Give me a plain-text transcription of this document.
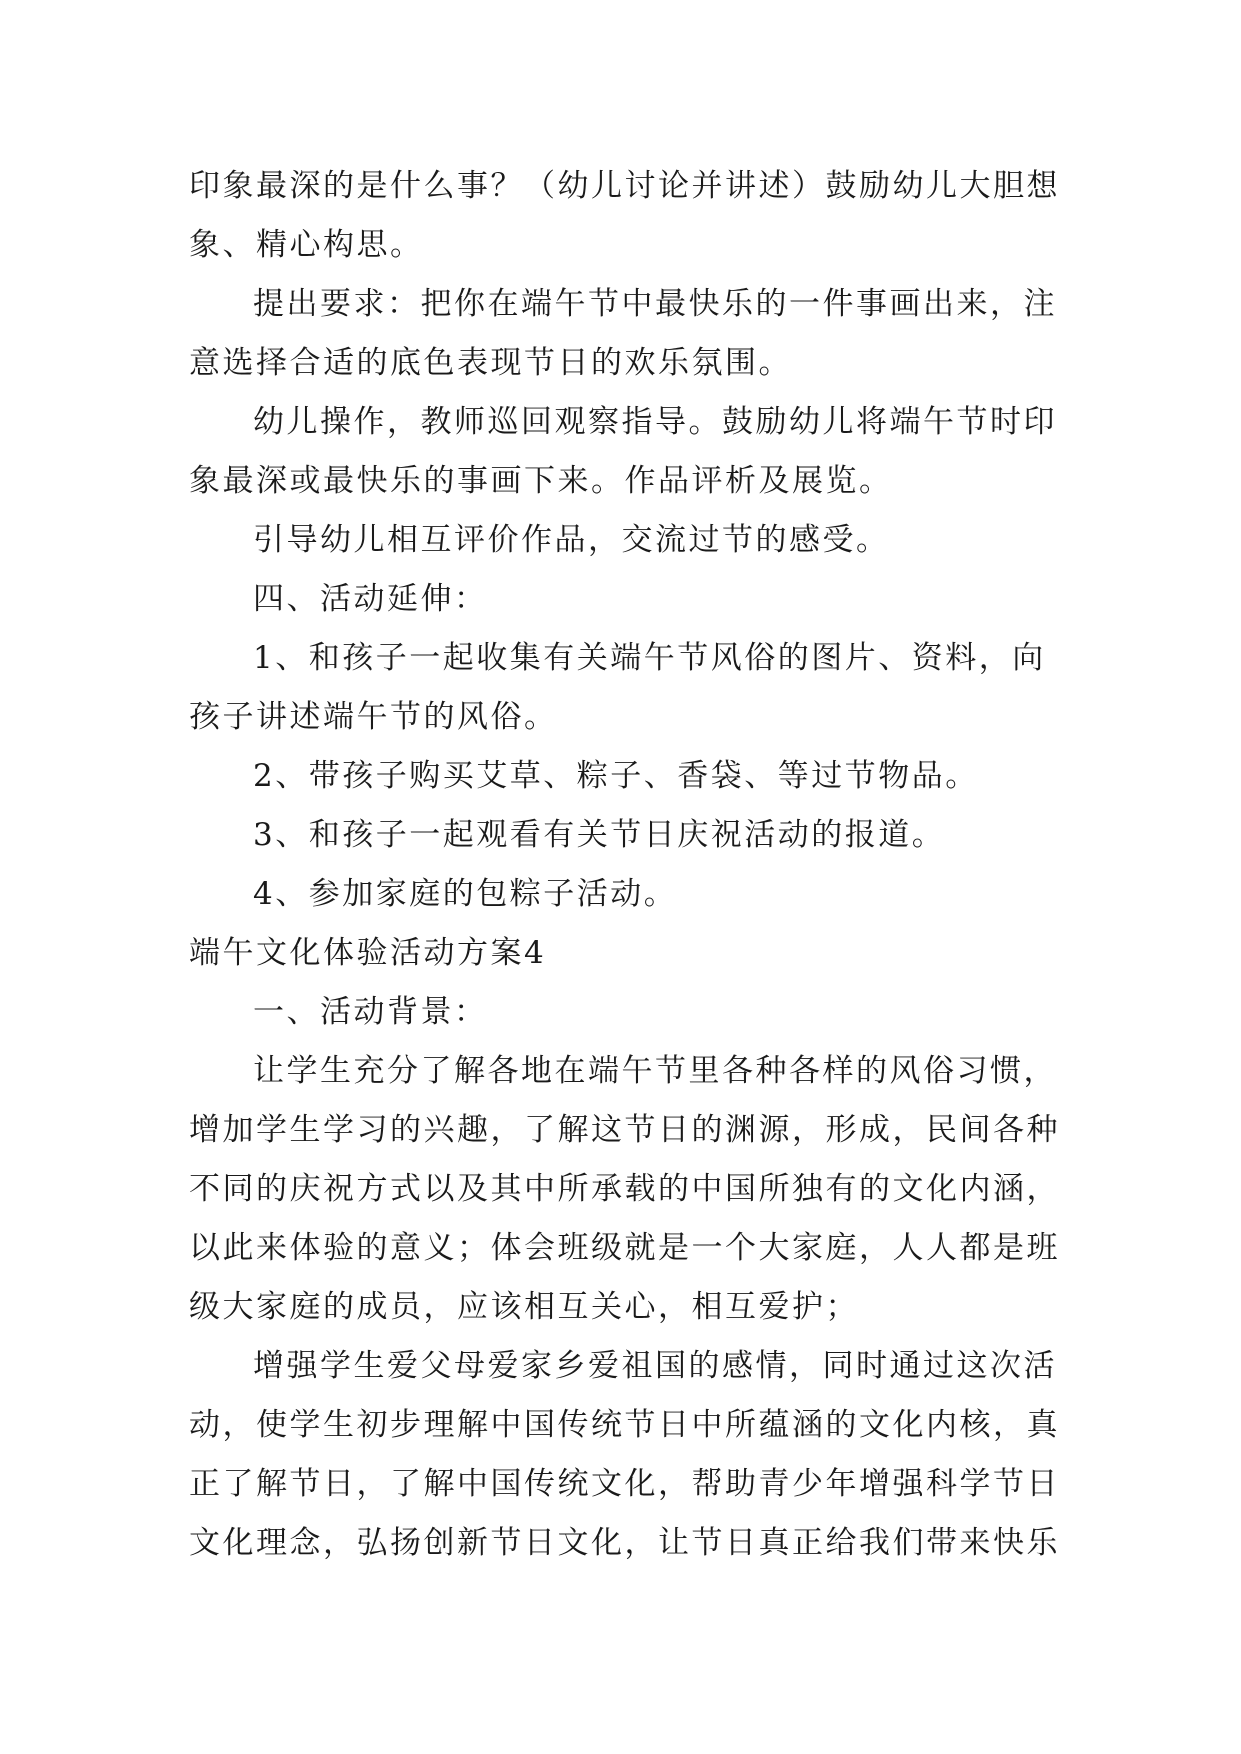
印象最深的是什么事？（幼儿讨论并讲述）鼓励幼儿大胆想
象、精心构思。
提出要求：把你在端午节中最快乐的一件事画出来，注
意选择合适的底色表现节日的欢乐氛围。
幼儿操作，教师巡回观察指导。鼓励幼儿将端午节时印
象最深或最快乐的事画下来。作品评析及展览。
引导幼儿相互评价作品，交流过节的感受。
四、活动延伸：
1、和孩子一起收集有关端午节风俗的图片、资料，向
孩子讲述端午节的风俗。
2、带孩子购买艾草、粽子、香袋、等过节物品。
3、和孩子一起观看有关节日庆祝活动的报道。
4、参加家庭的包粽子活动。
端午文化体验活动方案4
一、活动背景：
让学生充分了解各地在端午节里各种各样的风俗习惯，
增加学生学习的兴趣，了解这节日的渊源，形成，民间各种
不同的庆祝方式以及其中所承载的中国所独有的文化内涵，
以此来体验的意义；体会班级就是一个大家庭，人人都是班
级大家庭的成员，应该相互关心，相互爱护；
增强学生爱父母爱家乡爱祖国的感情，同时通过这次活
动，使学生初步理解中国传统节日中所蕴涵的文化内核，真
正了解节日，了解中国传统文化，帮助青少年增强科学节日
文化理念，弘扬创新节日文化，让节日真正给我们带来快乐
